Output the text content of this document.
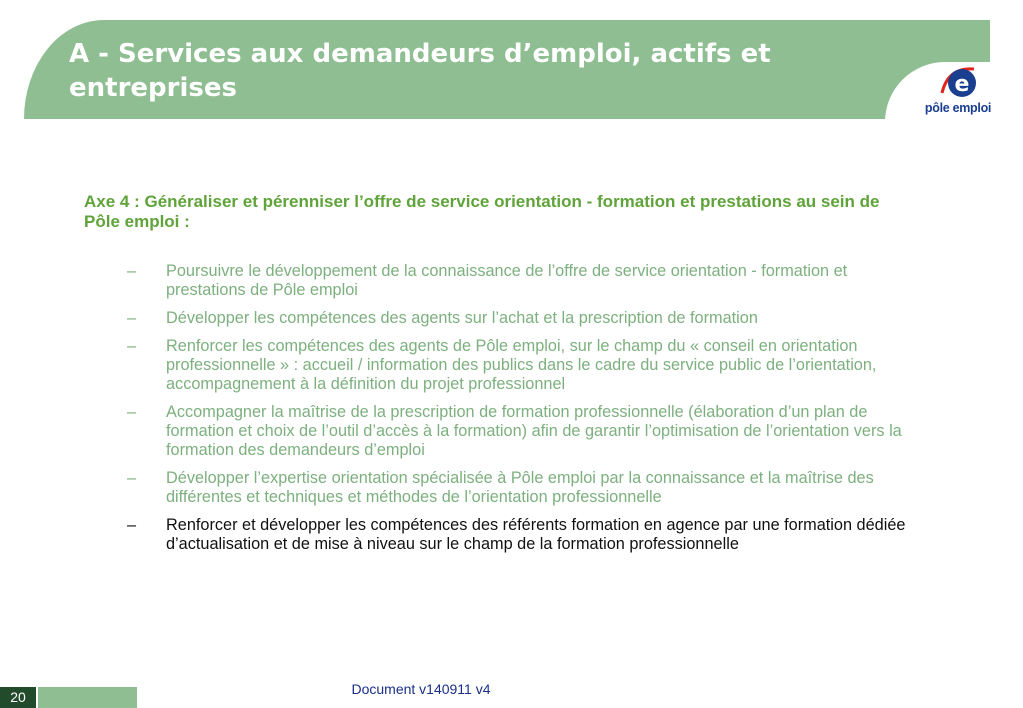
A - Services aux demandeurs d’emploi, actifs et
entreprises	e
pôle emploi
Axe 4 : Généraliser et pérenniser l’offre de service orientation - formation et prestations au sein de Pôle emploi :
– Poursuivre le développement de la connaissance de l’offre de service orientation - formation et prestations de Pôle emploi
– Développer les compétences des agents sur l’achat et la prescription de formation
– Renforcer les compétences des agents de Pôle emploi, sur le champ du « conseil en orientation professionnelle » : accueil / information des publics dans le cadre du service public de l’orientation, accompagnement à la définition du projet professionnel
– Accompagner la maîtrise de la prescription de formation professionnelle (élaboration d’un plan de formation et choix de l’outil d’accès à la formation) afin de garantir l’optimisation de l’orientation vers la formation des demandeurs d’emploi
– Développer l’expertise orientation spécialisée à Pôle emploi par la connaissance et la maîtrise des différentes et techniques et méthodes de l’orientation professionnelle
– Renforcer et développer les compétences des référents formation en agence par une formation dédiée d’actualisation et de mise à niveau sur le champ de la formation professionnelle
20	Document v140911 v4
